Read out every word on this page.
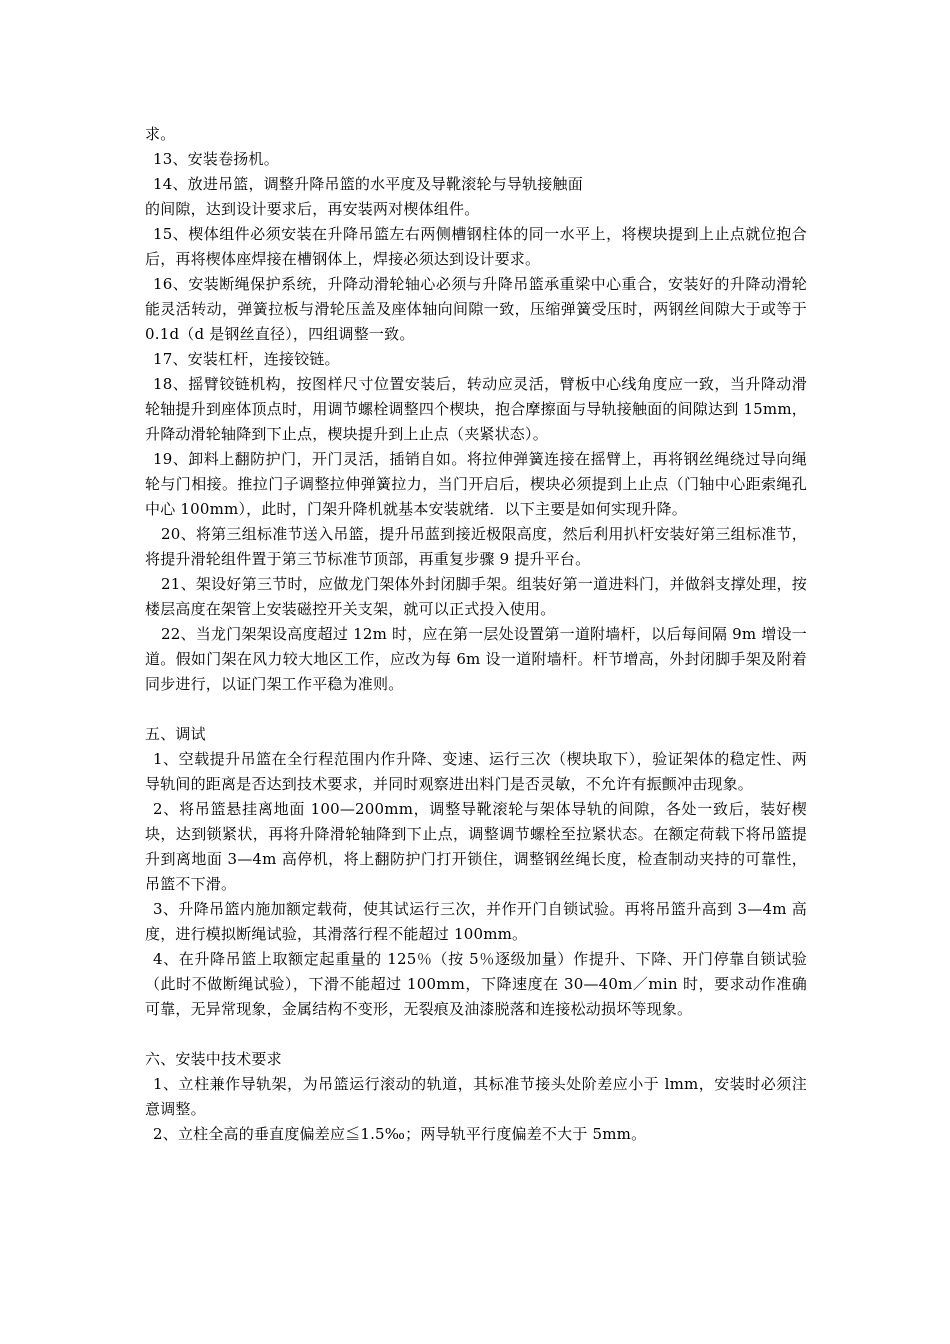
求。

13、安装卷扬机。

14、放进吊篮，调整升降吊篮的水平度及导靴滚轮与导轨接触面

的间隙，达到设计要求后，再安装两对楔体组件。

15、楔体组件必须安装在升降吊篮左右两侧槽钢柱体的同一水平上，将楔块提到上止点就位抱合后，再将楔体座焊接在槽钢体上，焊接必须达到设计要求。

16、安装断绳保护系统，升降动滑轮轴心必须与升降吊篮承重梁中心重合，安装好的升降动滑轮能灵活转动，弹簧拉板与滑轮压盖及座体轴向间隙一致，压缩弹簧受压时，两钢丝间隙大于或等于 0.1d（d 是钢丝直径），四组调整一致。

17、安装杠杆，连接铰链。

18、摇臂铰链机构，按图样尺寸位置安装后，转动应灵活，臂板中心线角度应一致，当升降动滑轮轴提升到座体顶点时，用调节螺栓调整四个楔块，抱合摩擦面与导轨接触面的间隙达到 15mm，升降动滑轮轴降到下止点，楔块提升到上止点（夹紧状态）。

19、卸料上翻防护门，开门灵活，插销自如。将拉伸弹簧连接在摇臂上，再将钢丝绳绕过导向绳轮与门相接。推拉门子调整拉伸弹簧拉力，当门开启后，楔块必须提到上止点（门轴中心距索绳孔中心 100mm），此时，门架升降机就基本安装就绪．以下主要是如何实现升降。

20、将第三组标准节送入吊篮，提升吊蓝到接近极限高度，然后利用扒杆安装好第三组标准节，将提升滑轮组件置于第三节标准节顶部，再重复步骤 9 提升平台。

21、架设好第三节时，应做龙门架体外封闭脚手架。组装好第一道进料门，并做斜支撑处理，按楼层高度在架管上安装磁控开关支架，就可以正式投入使用。

22、当龙门架架设高度超过 12m 时，应在第一层处设置第一道附墙杆，以后每间隔 9m 增设一道。假如门架在风力较大地区工作，应改为每 6m 设一道附墙杆。杆节增高，外封闭脚手架及附着同步进行，以证门架工作平稳为准则。

五、调试

1、空载提升吊篮在全行程范围内作升降、变速、运行三次（楔块取下），验证架体的稳定性、两导轨间的距离是否达到技术要求，并同时观察进出料门是否灵敏，不允许有振颤冲击现象。

2、将吊篮悬挂离地面 100—200mm，调整导靴滚轮与架体导轨的间隙，各处一致后，装好楔块，达到锁紧状，再将升降滑轮轴降到下止点，调整调节螺栓至拉紧状态。在额定荷载下将吊篮提升到离地面 3—4m 高停机，将上翻防护门打开锁住，调整钢丝绳长度，检查制动夹持的可靠性，吊篮不下滑。

3、升降吊篮内施加额定载荷，使其试运行三次，并作开门自锁试验。再将吊篮升高到 3—4m 高度，进行模拟断绳试验，其滑落行程不能超过 100mm。

4、在升降吊篮上取额定起重量的 125％（按 5％逐级加量）作提升、下降、开门停靠自锁试验（此时不做断绳试验），下滑不能超过 100mm，下降速度在 30—40m／min 时，要求动作准确可靠，无异常现象，金属结构不变形，无裂痕及油漆脱落和连接松动损坏等现象。

六、安装中技术要求

1、立柱兼作导轨架，为吊篮运行滚动的轨道，其标准节接头处阶差应小于 lmm，安装时必须注意调整。

2、立柱全高的垂直度偏差应≦1.5‰；两导轨平行度偏差不大于 5mm。
